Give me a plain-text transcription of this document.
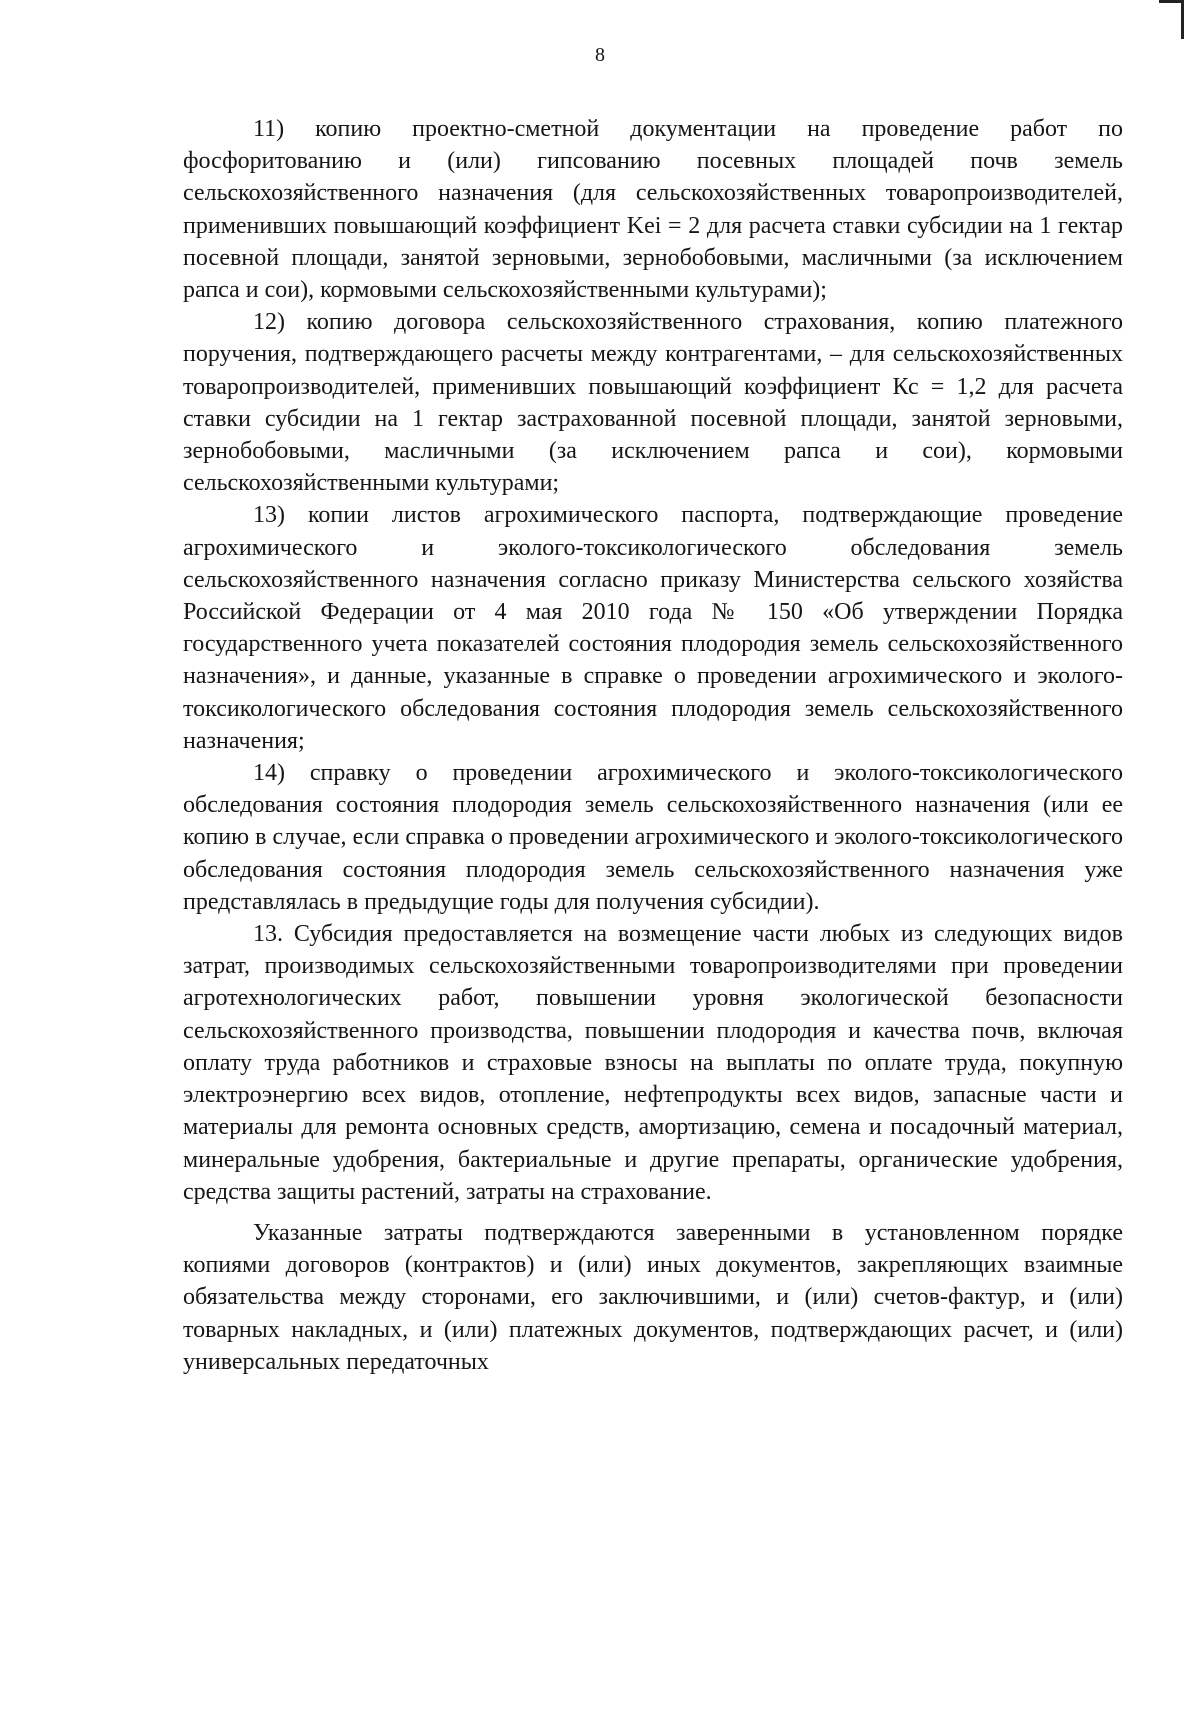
8

11) копию проектно-сметной документации на проведение работ по фосфоритованию и (или) гипсованию посевных площадей почв земель сельскохозяйственного назначения (для сельскохозяйственных товаропроизводителей, применивших повышающий коэффициент Kei = 2 для расчета ставки субсидии на 1 гектар посевной площади, занятой зерновыми, зернобобовыми, масличными (за исключением рапса и сои), кормовыми сельскохозяйственными культурами);

12) копию договора сельскохозяйственного страхования, копию платежного поручения, подтверждающего расчеты между контрагентами, – для сельскохозяйственных товаропроизводителей, применивших повышающий коэффициент Кс = 1,2 для расчета ставки субсидии на 1 гектар застрахованной посевной площади, занятой зерновыми, зернобобовыми, масличными (за исключением рапса и сои), кормовыми сельскохозяйственными культурами;

13) копии листов агрохимического паспорта, подтверждающие проведение агрохимического и эколого-токсикологического обследования земель сельскохозяйственного назначения согласно приказу Министерства сельского хозяйства Российской Федерации от 4 мая 2010 года № 150 «Об утверждении Порядка государственного учета показателей состояния плодородия земель сельскохозяйственного назначения», и данные, указанные в справке о проведении агрохимического и эколого-токсикологического обследования состояния плодородия земель сельскохозяйственного назначения;

14) справку о проведении агрохимического и эколого-токсикологического обследования состояния плодородия земель сельскохозяйственного назначения (или ее копию в случае, если справка о проведении агрохимического и эколого-токсикологического обследования состояния плодородия земель сельскохозяйственного назначения уже представлялась в предыдущие годы для получения субсидии).

13. Субсидия предоставляется на возмещение части любых из следующих видов затрат, производимых сельскохозяйственными товаропроизводителями при проведении агротехнологических работ, повышении уровня экологической безопасности сельскохозяйственного производства, повышении плодородия и качества почв, включая оплату труда работников и страховые взносы на выплаты по оплате труда, покупную электроэнергию всех видов, отопление, нефтепродукты всех видов, запасные части и материалы для ремонта основных средств, амортизацию, семена и посадочный материал, минеральные удобрения, бактериальные и другие препараты, органические удобрения, средства защиты растений, затраты на страхование.

Указанные затраты подтверждаются заверенными в установленном порядке копиями договоров (контрактов) и (или) иных документов, закрепляющих взаимные обязательства между сторонами, его заключившими, и (или) счетов-фактур, и (или) товарных накладных, и (или) платежных документов, подтверждающих расчет, и (или) универсальных передаточных
